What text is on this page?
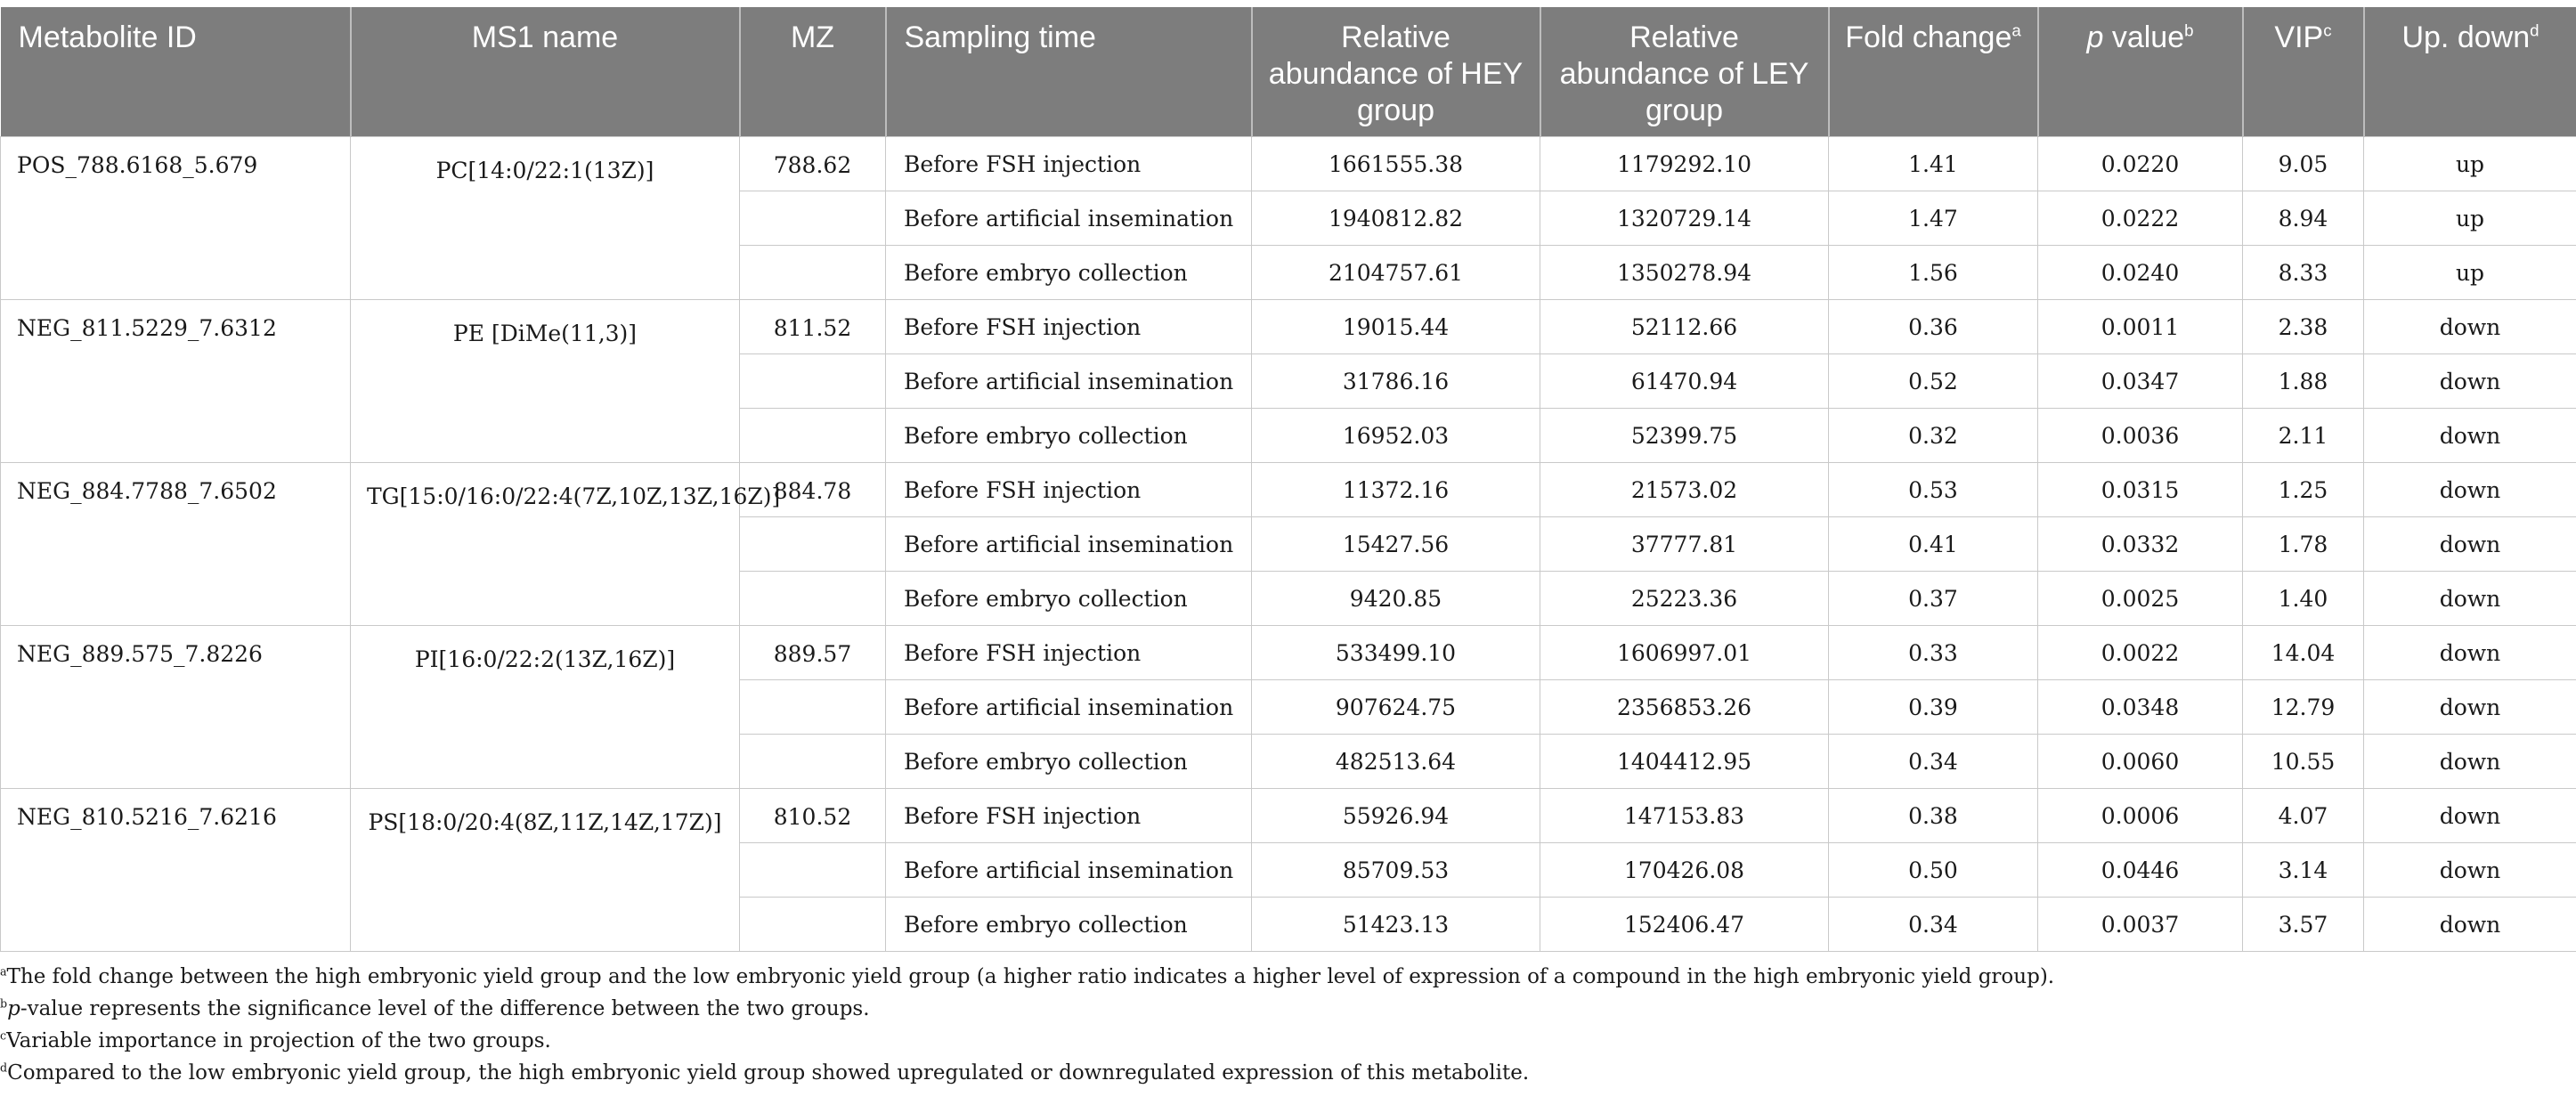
Metabolite ID	MS1 name	MZ	Sampling time	Relative abundance of HEY group	Relative abundance of LEY group	Fold change$^a$	p value$^b$	VIP$^c$	Up. down$^d$
POS_788.6168_5.679	PC[14:0/22:1(13Z)]	788.62	Before FSH injection	1661555.38	1179292.10	1.41	0.0220	9.05	up
			Before artificial insemination	1940812.82	1320729.14	1.47	0.0222	8.94	up
			Before embryo collection	2104757.61	1350278.94	1.56	0.0240	8.33	up
NEG_811.5229_7.6312	PE [DiMe(11,3)]	811.52	Before FSH injection	19015.44	52112.66	0.36	0.0011	2.38	down
			Before artificial insemination	31786.16	61470.94	0.52	0.0347	1.88	down
			Before embryo collection	16952.03	52399.75	0.32	0.0036	2.11	down
NEG_884.7788_7.6502	TG[15:0/16:0/22:4(7Z,10Z,13Z,16Z)]	884.78	Before FSH injection	11372.16	21573.02	0.53	0.0315	1.25	down
			Before artificial insemination	15427.56	37777.81	0.41	0.0332	1.78	down
			Before embryo collection	9420.85	25223.36	0.37	0.0025	1.40	down
NEG_889.575_7.8226	PI[16:0/22:2(13Z,16Z)]	889.57	Before FSH injection	533499.10	1606997.01	0.33	0.0022	14.04	down
			Before artificial insemination	907624.75	2356853.26	0.39	0.0348	12.79	down
			Before embryo collection	482513.64	1404412.95	0.34	0.0060	10.55	down
NEG_810.5216_7.6216	PS[18:0/20:4(8Z,11Z,14Z,17Z)]	810.52	Before FSH injection	55926.94	147153.83	0.38	0.0006	4.07	down
			Before artificial insemination	85709.53	170426.08	0.50	0.0446	3.14	down
			Before embryo collection	51423.13	152406.47	0.34	0.0037	3.57	down

$^a$The fold change between the high embryonic yield group and the low embryonic yield group (a higher ratio indicates a higher level of expression of a compound in the high embryonic yield group).

$^b$p-value represents the significance level of the difference between the two groups.

$^c$Variable importance in projection of the two groups.

$^d$Compared to the low embryonic yield group, the high embryonic yield group showed upregulated or downregulated expression of this metabolite.
